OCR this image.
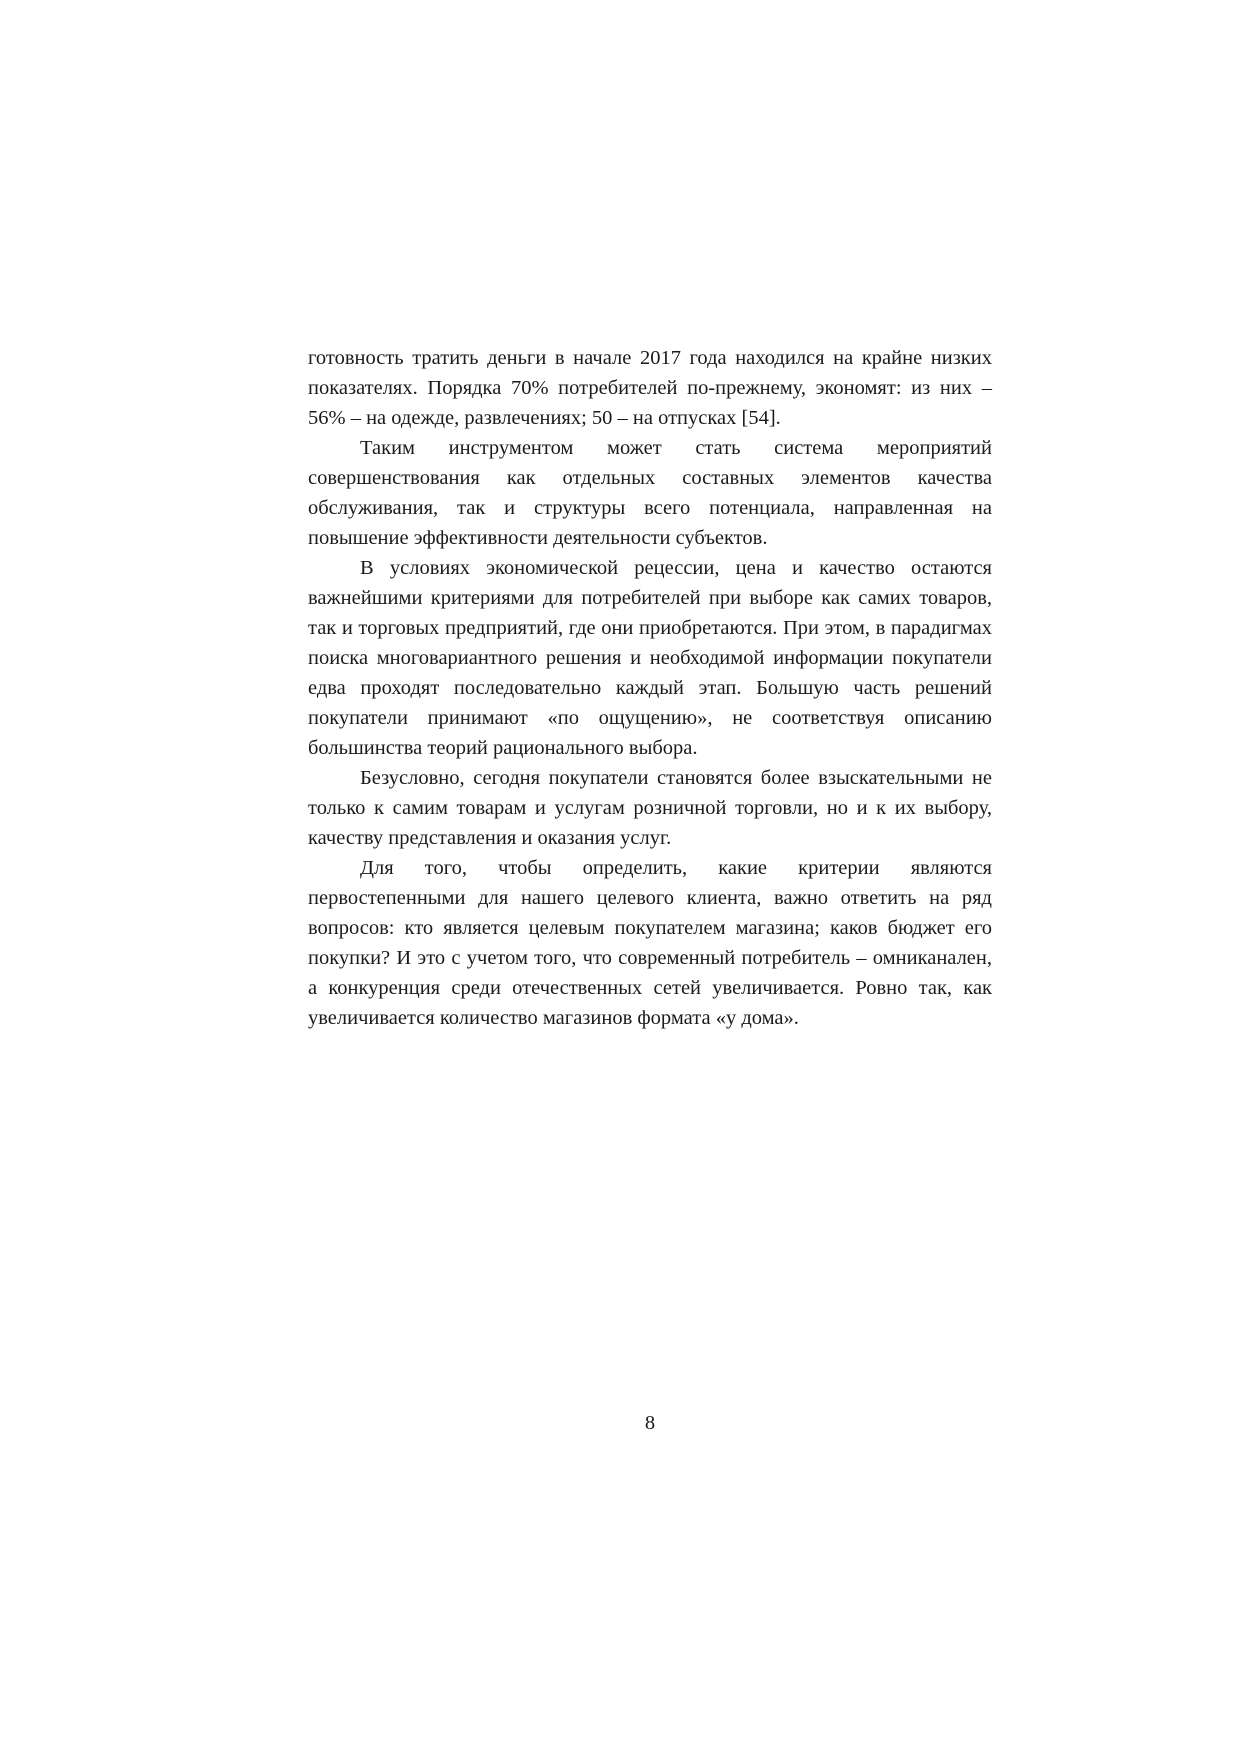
готовность тратить деньги в начале 2017 года находился на крайне низких показателях. Порядка 70% потребителей по-прежнему, экономят: из них – 56% – на одежде, развлечениях; 50 – на отпусках [54].

Таким инструментом может стать система мероприятий совершенствования как отдельных составных элементов качества обслуживания, так и структуры всего потенциала, направленная на повышение эффективности деятельности субъектов.

В условиях экономической рецессии, цена и качество остаются важнейшими критериями для потребителей при выборе как самих товаров, так и торговых предприятий, где они приобретаются. При этом, в парадигмах поиска многовариантного решения и необходимой информации покупатели едва проходят последовательно каждый этап. Большую часть решений покупатели принимают «по ощущению», не соответствуя описанию большинства теорий рационального выбора.

Безусловно, сегодня покупатели становятся более взыскательными не только к самим товарам и услугам розничной торговли, но и к их выбору, качеству представления и оказания услуг.

Для того, чтобы определить, какие критерии являются первостепенными для нашего целевого клиента, важно ответить на ряд вопросов: кто является целевым покупателем магазина; каков бюджет его покупки? И это с учетом того, что современный потребитель – омниканален, а конкуренция среди отечественных сетей увеличивается. Ровно так, как увеличивается количество магазинов формата «у дома».

8
